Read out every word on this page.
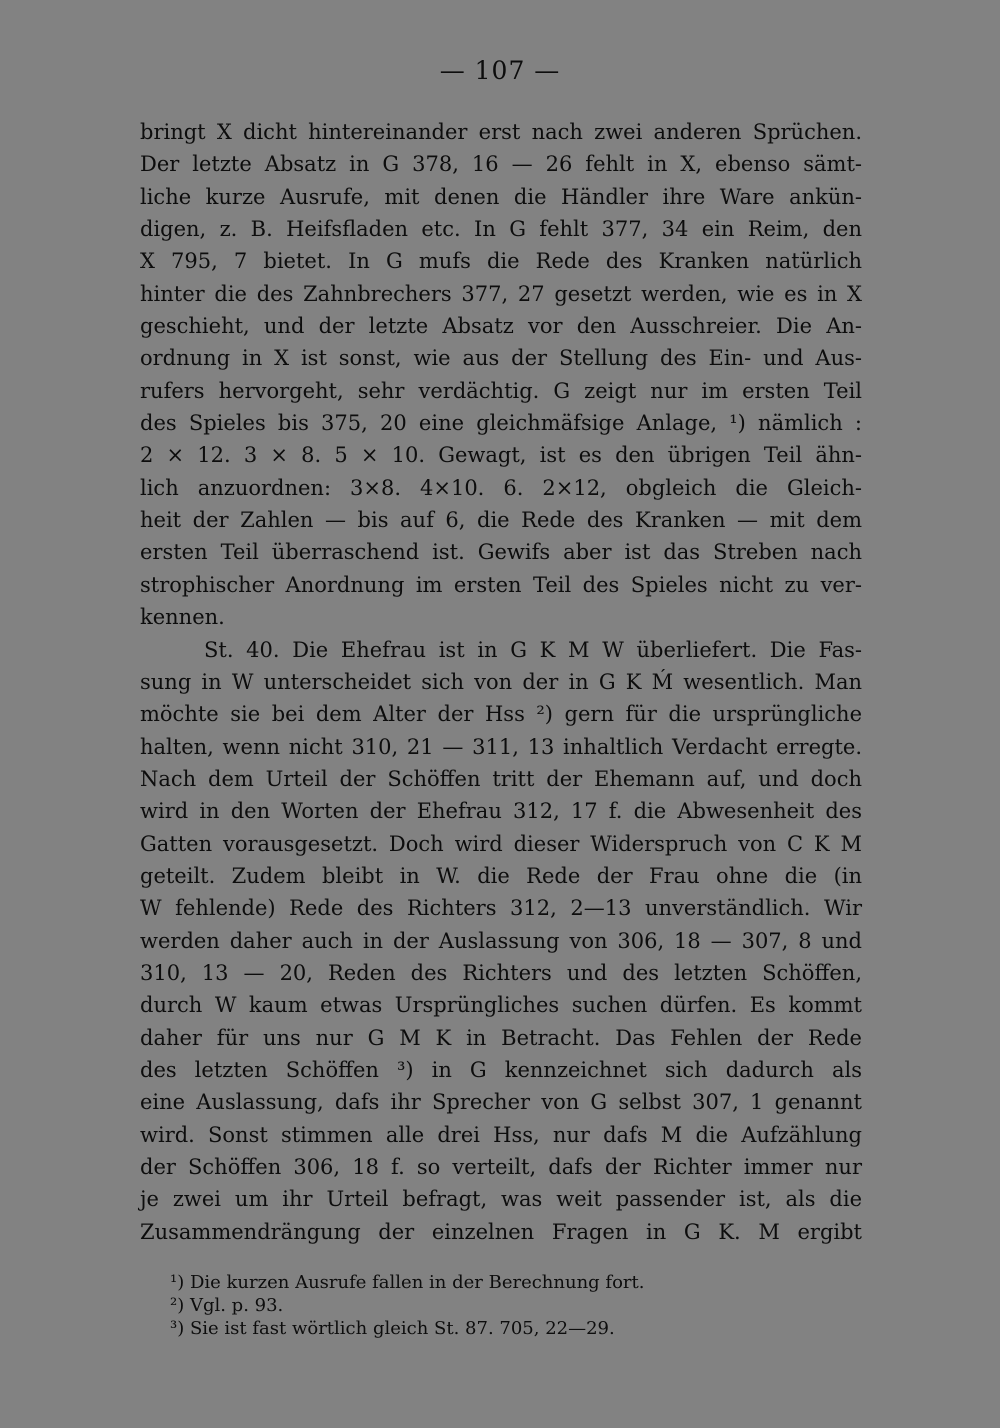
— 107 —
bringt X dicht hintereinander erst nach zwei anderen Sprüchen.
Der letzte Absatz in G 378, 16 — 26 fehlt in X, ebenso sämt-
liche kurze Ausrufe, mit denen die Händler ihre Ware ankün-
digen, z. B. Heifsfladen etc. In G fehlt 377, 34 ein Reim, den
X 795, 7 bietet. In G mufs die Rede des Kranken natürlich
hinter die des Zahnbrechers 377, 27 gesetzt werden, wie es in X
geschieht, und der letzte Absatz vor den Ausschreier. Die An-
ordnung in X ist sonst, wie aus der Stellung des Ein- und Aus-
rufers hervorgeht, sehr verdächtig. G zeigt nur im ersten Teil
des Spieles bis 375, 20 eine gleichmäfsige Anlage, ¹) nämlich :
2 × 12. 3 × 8. 5 × 10. Gewagt, ist es den übrigen Teil ähn-
lich anzuordnen: 3×8. 4×10. 6. 2×12, obgleich die Gleich-
heit der Zahlen — bis auf 6, die Rede des Kranken — mit dem
ersten Teil überraschend ist. Gewifs aber ist das Streben nach
strophischer Anordnung im ersten Teil des Spieles nicht zu ver-
kennen.
St. 40. Die Ehefrau ist in G K M W überliefert. Die Fas-
sung in W unterscheidet sich von der in G K Ḿ wesentlich. Man
möchte sie bei dem Alter der Hss ²) gern für die ursprüngliche
halten, wenn nicht 310, 21 — 311, 13 inhaltlich Verdacht erregte.
Nach dem Urteil der Schöffen tritt der Ehemann auf, und doch
wird in den Worten der Ehefrau 312, 17 f. die Abwesenheit des
Gatten vorausgesetzt. Doch wird dieser Widerspruch von C K M
geteilt. Zudem bleibt in W. die Rede der Frau ohne die (in
W fehlende) Rede des Richters 312, 2—13 unverständlich. Wir
werden daher auch in der Auslassung von 306, 18 — 307, 8 und
310, 13 — 20, Reden des Richters und des letzten Schöffen,
durch W kaum etwas Ursprüngliches suchen dürfen. Es kommt
daher für uns nur G M K in Betracht. Das Fehlen der Rede
des letzten Schöffen ³) in G kennzeichnet sich dadurch als
eine Auslassung, dafs ihr Sprecher von G selbst 307, 1 genannt
wird. Sonst stimmen alle drei Hss, nur dafs M die Aufzählung
der Schöffen 306, 18 f. so verteilt, dafs der Richter immer nur
je zwei um ihr Urteil befragt, was weit passender ist, als die
Zusammendrängung der einzelnen Fragen in G K. M ergibt
¹) Die kurzen Ausrufe fallen in der Berechnung fort.
²) Vgl. p. 93.
³) Sie ist fast wörtlich gleich St. 87. 705, 22—29.
